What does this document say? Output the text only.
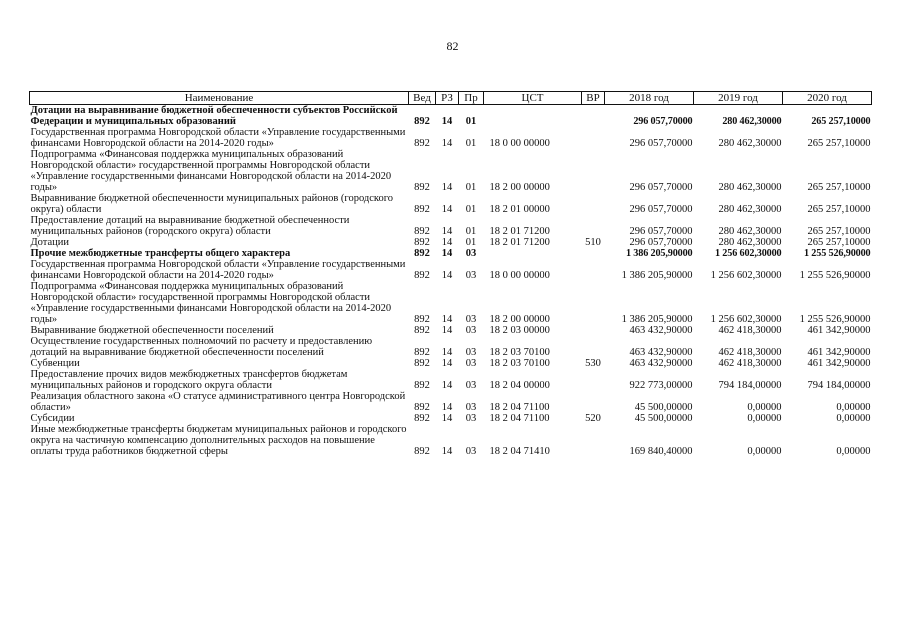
82
Наименование	Вед	РЗ	Пр	ЦСТ	ВР	2018 год	2019 год	2020 год
Дотации на выравнивание бюджетной обеспеченности субъектов Российской Федерации и муниципальных образований	892	14	01			296 057,70000	280 462,30000	265 257,10000
Государственная программа Новгородской области «Управление государственными финансами Новгородской области на 2014-2020 годы»	892	14	01	18 0 00 00000		296 057,70000	280 462,30000	265 257,10000
Подпрограмма «Финансовая поддержка муниципальных образований Новгородской области» государственной программы Новгородской области «Управление государственными финансами Новгородской области на 2014-2020 годы»	892	14	01	18 2 00 00000		296 057,70000	280 462,30000	265 257,10000
Выравнивание бюджетной обеспеченности муниципальных районов (городского округа) области	892	14	01	18 2 01 00000		296 057,70000	280 462,30000	265 257,10000
Предоставление дотаций на выравнивание бюджетной обеспеченности муниципальных районов (городского округа) области	892	14	01	18 2 01 71200		296 057,70000	280 462,30000	265 257,10000
Дотации	892	14	01	18 2 01 71200	510	296 057,70000	280 462,30000	265 257,10000
Прочие межбюджетные трансферты общего характера	892	14	03			1 386 205,90000	1 256 602,30000	1 255 526,90000
Государственная программа Новгородской области «Управление государственными финансами Новгородской области на 2014-2020 годы»	892	14	03	18 0 00 00000		1 386 205,90000	1 256 602,30000	1 255 526,90000
Подпрограмма «Финансовая поддержка муниципальных образований Новгородской области» государственной программы Новгородской области «Управление государственными финансами Новгородской области на 2014-2020 годы»	892	14	03	18 2 00 00000		1 386 205,90000	1 256 602,30000	1 255 526,90000
Выравнивание бюджетной обеспеченности поселений	892	14	03	18 2 03 00000		463 432,90000	462 418,30000	461 342,90000
Осуществление государственных полномочий по расчету и предоставлению дотаций на выравнивание бюджетной обеспеченности поселений	892	14	03	18 2 03 70100		463 432,90000	462 418,30000	461 342,90000
Субвенции	892	14	03	18 2 03 70100	530	463 432,90000	462 418,30000	461 342,90000
Предоставление прочих видов межбюджетных трансфертов бюджетам муниципальных районов и городского округа области	892	14	03	18 2 04 00000		922 773,00000	794 184,00000	794 184,00000
Реализация областного закона «О статусе административного центра Новгородской области»	892	14	03	18 2 04 71100		45 500,00000	0,00000	0,00000
Субсидии	892	14	03	18 2 04 71100	520	45 500,00000	0,00000	0,00000
Иные межбюджетные трансферты бюджетам муниципальных районов и городского округа на частичную компенсацию дополнительных расходов на повышение оплаты труда работников бюджетной сферы	892	14	03	18 2 04 71410		169 840,40000	0,00000	0,00000
